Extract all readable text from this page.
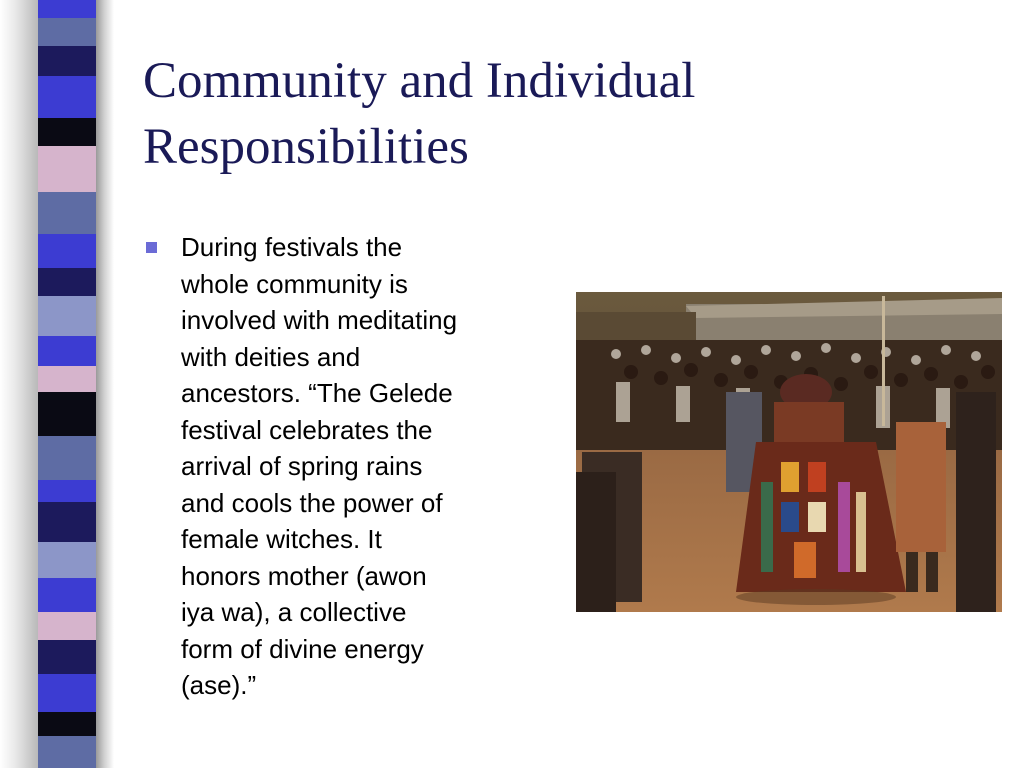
Community and Individual Responsibilities

During festivals the
whole community is
involved with meditating
with deities and
ancestors. “The Gelede
festival celebrates the
arrival of spring rains
and cools the power of
female witches. It
honors mother (awon
iya wa), a collective
form of divine energy
(ase).”
